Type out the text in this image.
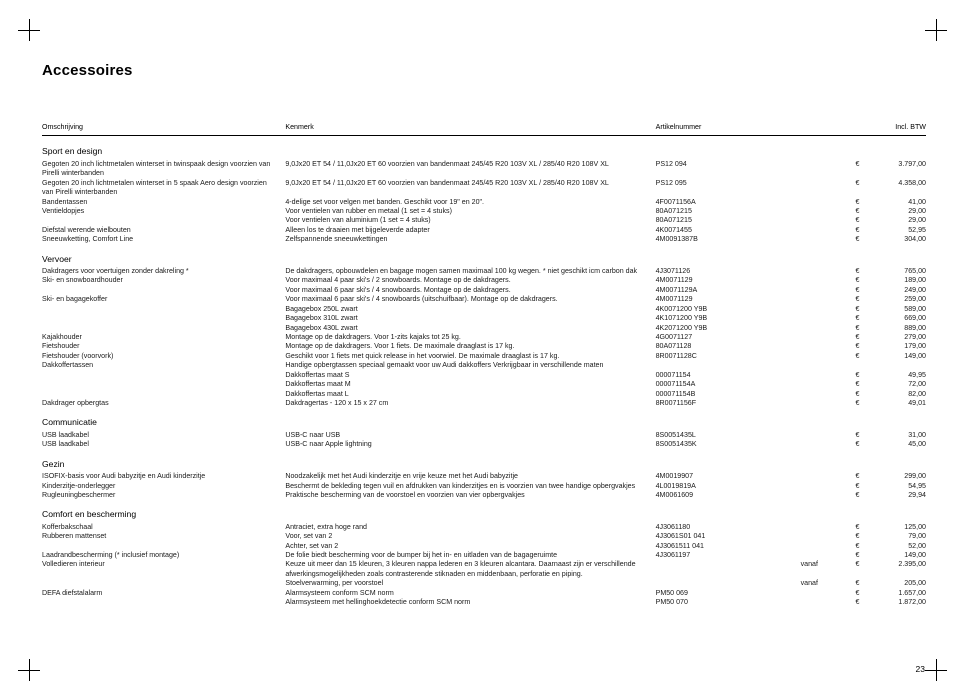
Accessoires
Omschrijving	Kenmerk	Artikelnummer			Incl. BTW

Sport en design					
Gegoten 20 inch lichtmetalen winterset in twinspaak design voorzien van Pirelli winterbanden	9,0Jx20 ET 54 / 11,0Jx20 ET 60 voorzien van bandenmaat 245/45 R20 103V XL / 285/40 R20 108V XL	PS12 094		€	3.797,00
Gegoten 20 inch lichtmetalen winterset in 5 spaak Aero design voorzien van Pirelli winterbanden	9,0Jx20 ET 54 / 11,0Jx20 ET 60 voorzien van bandenmaat 245/45 R20 103V XL / 285/40 R20 108V XL	PS12 095		€	4.358,00
Bandentassen	4-delige set voor velgen met banden. Geschikt voor 19" en 20".	4F0071156A		€	41,00
Ventieldopjes	Voor ventielen van rubber en metaal (1 set = 4 stuks)	80A071215		€	29,00
	Voor ventielen van aluminium (1 set = 4 stuks)	80A071215		€	29,00
Diefstal werende wielbouten	Alleen los te draaien met bijgeleverde adapter	4K0071455		€	52,95
Sneeuwketting, Comfort Line	Zelfspannende sneeuwkettingen	4M0091387B		€	304,00

Vervoer					
Dakdragers voor voertuigen zonder dakreling *	De dakdragers, opbouwdelen en bagage mogen samen maximaal 100 kg wegen. * niet geschikt icm carbon dak	4J3071126		€	765,00
Ski- en snowboardhouder	Voor maximaal 4 paar ski's / 2 snowboards. Montage op de dakdragers.	4M0071129		€	189,00
	Voor maximaal 6 paar ski's / 4 snowboards. Montage op de dakdragers.	4M0071129A		€	249,00
Ski- en bagagekoffer	Voor maximaal 6 paar ski's / 4 snowboards (uitschuifbaar). Montage op de dakdragers.	4M0071129		€	259,00
	Bagagebox 250L zwart	4K0071200 Y9B		€	589,00
	Bagagebox 310L zwart	4K1071200 Y9B		€	669,00
	Bagagebox 430L zwart	4K2071200 Y9B		€	889,00
Kajakhouder	Montage op de dakdragers. Voor 1-zits kajaks tot 25 kg.	4G0071127		€	279,00
Fietshouder	Montage op de dakdragers. Voor 1 fiets. De maximale draaglast is 17 kg.	80A071128		€	179,00
Fietshouder (voorvork)	Geschikt voor 1 fiets met quick release in het voorwiel. De maximale draaglast is 17 kg.	8R0071128C		€	149,00
Dakkoffertassen	Handige opbergtassen speciaal gemaakt voor uw Audi dakkoffers Verkrijgbaar in verschillende maten				
	Dakkoffertas maat S	000071154		€	49,95
	Dakkoffertas maat M	000071154A		€	72,00
	Dakkoffertas maat L	000071154B		€	82,00
Dakdrager opbergtas	Dakdragertas - 120 x 15 x 27 cm	8R0071156F		€	49,01

Communicatie					
USB laadkabel	USB-C naar USB	8S0051435L		€	31,00
USB laadkabel	USB-C naar Apple lightning	8S0051435K		€	45,00

Gezin					
ISOFIX-basis voor Audi babyzitje en Audi kinderzitje	Noodzakelijk met het Audi kinderzitje en vrije keuze met het Audi babyzitje	4M0019907		€	299,00
Kinderzitje-onderlegger	Beschermt de bekleding tegen vuil en afdrukken van kinderzitjes en is voorzien van twee handige opbergvakjes	4L0019819A		€	54,95
Rugleuningbeschermer	Praktische bescherming van de voorstoel en voorzien van vier opbergvakjes	4M0061609		€	29,94

Comfort en bescherming					
Kofferbakschaal	Antraciet, extra hoge rand	4J3061180		€	125,00
Rubberen mattenset	Voor, set van 2	4J3061S01 041		€	79,00
	Achter, set van 2	4J3061511 041		€	52,00
Laadrandbescherming (* inclusief montage)	De folie biedt bescherming voor de bumper bij het in- en uitladen van de bagageruimte	4J3061197		€	149,00
Volledieren interieur	Keuze uit meer dan 15 kleuren, 3 kleuren nappa lederen en 3 kleuren alcantara. Daarnaast zijn er verschillende afwerkingsmogelijkheden zoals contrasterende stiknaden en middenbaan, perforatie en piping.		vanaf	€	2.395,00
	Stoelverwarming, per voorstoel		vanaf	€	205,00
DEFA diefstalalarm	Alarmsysteem conform SCM norm	PM50 069		€	1.657,00
	Alarmsysteem met hellinghoekdetectie conform SCM norm	PM50 070		€	1.872,00
23
